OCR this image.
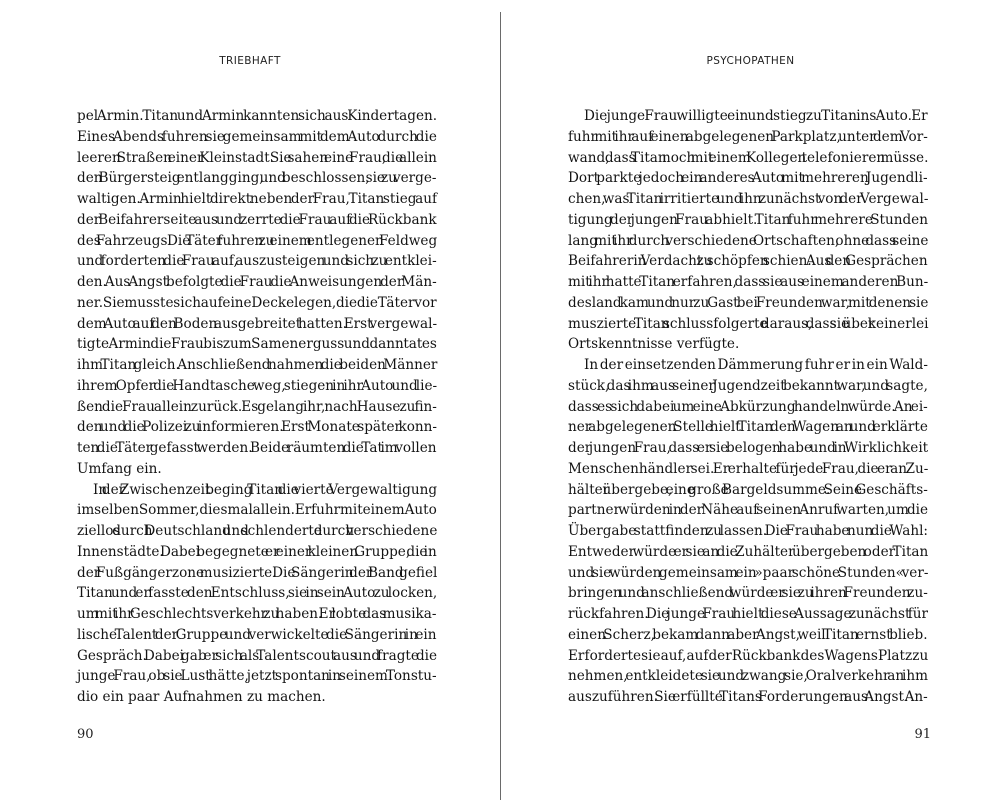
TRIEBHAFT
pel Armin. Titan und Armin kannten sich aus Kindertagen.
Eines Abends fuhren sie gemeinsam mit dem Auto durch die
leeren Straßen einer Kleinstadt. Sie sahen eine Frau, die allein
den Bürgersteig entlangging, und beschlossen, sie zu verge-
waltigen. Armin hielt direkt neben der Frau, Titan stieg auf
der Beifahrerseite aus und zerrte die Frau auf die Rückbank
des Fahrzeugs. Die Täter fuhren zu einem entlegenen Feldweg
und forderten die Frau auf, auszusteigen und sich zu entklei-
den. Aus Angst befolgte die Frau die Anweisungen der Män-
ner. Sie musste sich auf eine Decke legen, die die Täter vor
dem Auto auf den Boden ausgebreitet hatten. Erst vergewal-
tigte Armin die Frau bis zum Samenerguss und dann tat es
ihm Titan gleich. Anschließend nahmen die beiden Männer
ihrem Opfer die Handtasche weg, stiegen in ihr Auto und lie-
ßen die Frau allein zurück. Es gelang ihr, nach Hause zu fin-
den und die Polizei zu informieren. Erst Monate später konn-
ten die Täter gefasst werden. Beide räumten die Tat im vollen
Umfang ein.
In der Zwischenzeit beging Titan die vierte Vergewaltigung
im selben Sommer, diesmal allein. Er fuhr mit einem Auto
ziellos durch Deutschland und schlenderte durch verschiedene
Innenstädte. Dabei begegnete er einer kleinen Gruppe, die in
der Fußgängerzone musizierte. Die Sängerin der Band gefiel
Titan und er fasste den Entschluss, sie in sein Auto zu locken,
um mit ihr Geschlechtsverkehr zu haben. Er lobte das musika-
lische Talent der Gruppe und verwickelte die Sängerin in ein
Gespräch. Dabei gab er sich als Talentscout aus und fragte die
junge Frau, ob sie Lust hätte, jetzt spontan in seinem Tonstu-
dio ein paar Aufnahmen zu machen.
90
PSYCHOPATHEN
Die junge Frau willigte ein und stieg zu Titan ins Auto. Er
fuhr mit ihr auf einen abgelegenen Parkplatz, unter dem Vor-
wand, dass Titan noch mit einem Kollegen telefonieren müsse.
Dort parkte jedoch ein anderes Auto mit mehreren Jugendli-
chen, was Titan irritierte und ihn zunächst von der Vergewal-
tigung der jungen Frau abhielt. Titan fuhr mehrere Stunden
lang mit ihr durch verschiedene Ortschaften, ohne dass seine
Beifahrerin Verdacht zu schöpfen schien. Aus den Gesprächen
mit ihr hatte Titan erfahren, dass sie aus einem anderen Bun-
desland kam und nur zu Gast bei Freunden war, mit denen sie
muszierte. Titan schlussfolgerte daraus, dass sie über keinerlei
Ortskenntnisse verfügte.
In der einsetzenden Dämmerung fuhr er in ein Wald-
stück, das ihm aus seiner Jugendzeit bekannt war, und sagte,
dass es sich dabei um eine Abkürzung handeln würde. An ei-
ner abgelegenen Stelle hielt Titan den Wagen an und erklärte
der jungen Frau, dass er sie belogen habe und in Wirklichkeit
Menschenhändler sei. Er erhalte für jede Frau, die er an Zu-
hälter übergebe, eine große Bargeldsumme. Seine Geschäfts-
partner würden in der Nähe auf seinen Anruf warten, um die
Übergabe stattfinden zu lassen. Die Frau habe nun die Wahl:
Entweder würde er sie an die Zuhälter übergeben oder Titan
und sie würden gemeinsam ein »paar schöne Stunden« ver-
bringen und anschließend würde er sie zu ihren Freunden zu-
rückfahren. Die junge Frau hielt diese Aussage zunächst für
einen Scherz, bekam dann aber Angst, weil Titan ernst blieb.
Er forderte sie auf, auf der Rückbank des Wagens Platz zu
nehmen, entkleidete sie und zwang sie, Oralverkehr an ihm
auszuführen. Sie erfüllte Titans Forderungen aus Angst. An-
91
